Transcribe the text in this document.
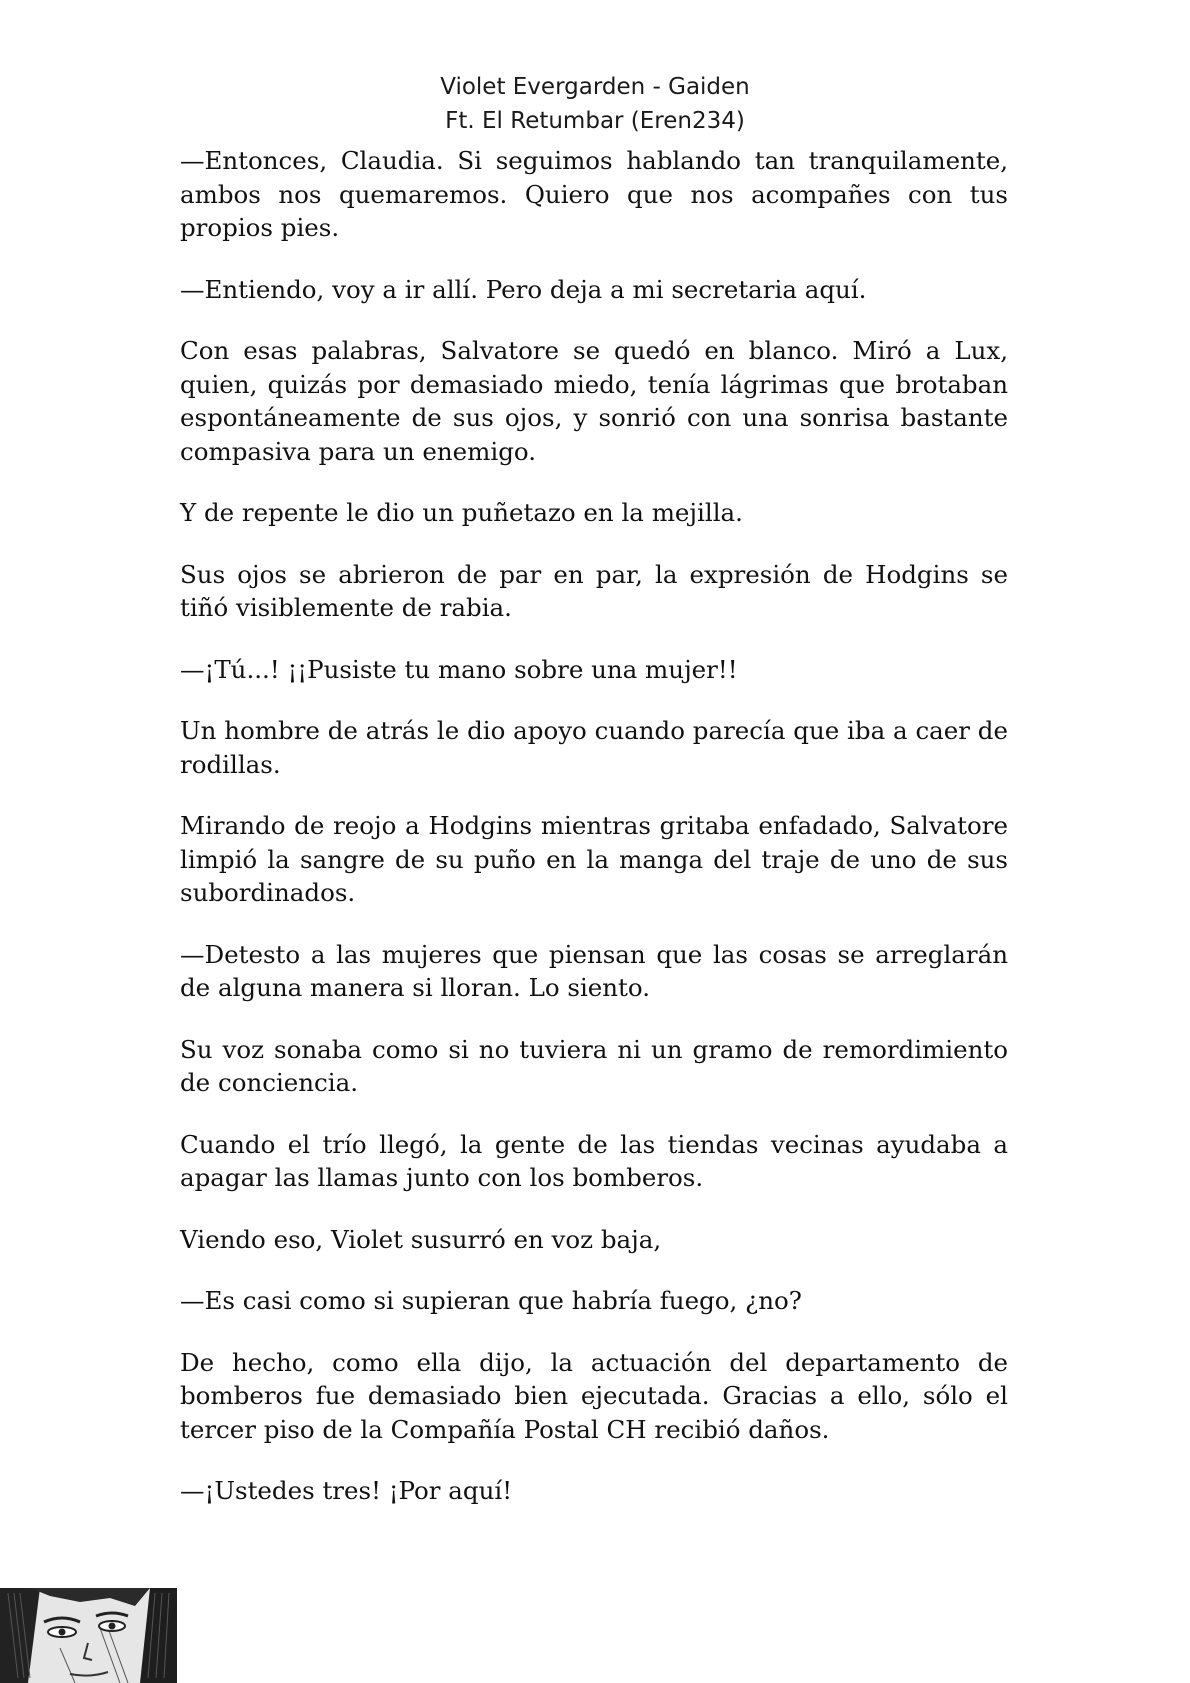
Violet Evergarden - Gaiden
Ft. El Retumbar (Eren234)

—Entonces, Claudia. Si seguimos hablando tan tranquilamente, ambos nos quemaremos. Quiero que nos acompañes con tus propios pies.

—Entiendo, voy a ir allí. Pero deja a mi secretaria aquí.

Con esas palabras, Salvatore se quedó en blanco. Miró a Lux, quien, quizás por demasiado miedo, tenía lágrimas que brotaban espontáneamente de sus ojos, y sonrió con una sonrisa bastante compasiva para un enemigo.

Y de repente le dio un puñetazo en la mejilla.

Sus ojos se abrieron de par en par, la expresión de Hodgins se tiñó visiblemente de rabia.

—¡Tú...! ¡¡Pusiste tu mano sobre una mujer!!

Un hombre de atrás le dio apoyo cuando parecía que iba a caer de rodillas.

Mirando de reojo a Hodgins mientras gritaba enfadado, Salvatore limpió la sangre de su puño en la manga del traje de uno de sus subordinados.

—Detesto a las mujeres que piensan que las cosas se arreglarán de alguna manera si lloran. Lo siento.

Su voz sonaba como si no tuviera ni un gramo de remordimiento de conciencia.

Cuando el trío llegó, la gente de las tiendas vecinas ayudaba a apagar las llamas junto con los bomberos.

Viendo eso, Violet susurró en voz baja,

—Es casi como si supieran que habría fuego, ¿no?

De hecho, como ella dijo, la actuación del departamento de bomberos fue demasiado bien ejecutada. Gracias a ello, sólo el tercer piso de la Compañía Postal CH recibió daños.

—¡Ustedes tres! ¡Por aquí!
